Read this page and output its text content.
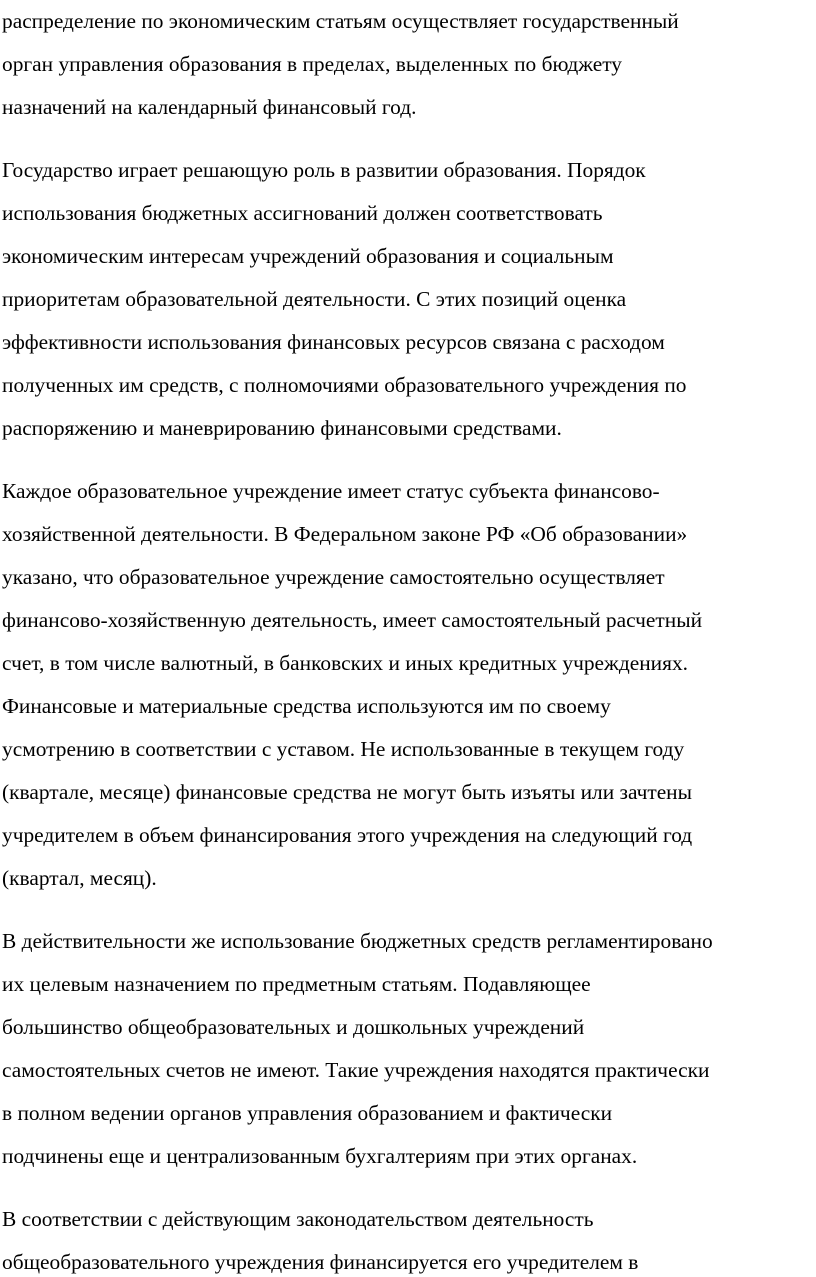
распределение по экономическим статьям осуществляет государственный
орган управления образования в пределах, выделенных по бюджету
назначений на календарный финансовый год.
Государство играет решающую роль в развитии образования. Порядок
использования бюджетных ассигнований должен соответствовать
экономическим интересам учреждений образования и социальным
приоритетам образовательной деятельности. С этих позиций оценка
эффективности использования финансовых ресурсов связана с расходом
полученных им средств, с полномочиями образовательного учреждения по
распоряжению и маневрированию финансовыми средствами.
Каждое образовательное учреждение имеет статус субъекта финансово-
хозяйственной деятельности. В Федеральном законе РФ «Об образовании»
указано, что образовательное учреждение самостоятельно осуществляет
финансово-хозяйственную деятельность, имеет самостоятельный расчетный
счет, в том числе валютный, в банковских и иных кредитных учреждениях.
Финансовые и материальные средства используются им по своему
усмотрению в соответствии с уставом. Не использованные в текущем году
(квартале, месяце) финансовые средства не могут быть изъяты или зачтены
учредителем в объем финансирования этого учреждения на следующий год
(квартал, месяц).
В действительности же использование бюджетных средств регламентировано
их целевым назначением по предметным статьям. Подавляющее
большинство общеобразовательных и дошкольных учреждений
самостоятельных счетов не имеют. Такие учреждения находятся практически
в полном ведении органов управления образованием и фактически
подчинены еще и централизованным бухгалтериям при этих органах.
В соответствии с действующим законодательством деятельность
общеобразовательного учреждения финансируется его учредителем в
